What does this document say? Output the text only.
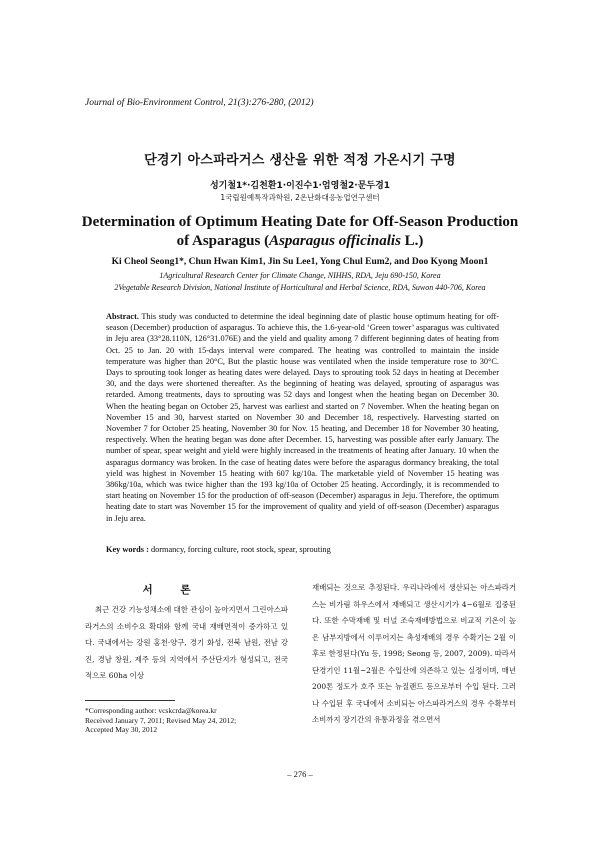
Journal of Bio-Environment Control, 21(3):276-280, (2012)
단경기 아스파라거스 생산을 위한 적정 가온시기 구명
성기철1*·김천환1·이진수1·엄영철2·문두경1
1국립원예특작과학원, 2온난화대응농업연구센터
Determination of Optimum Heating Date for Off-Season Production
of Asparagus (Asparagus officinalis L.)
Ki Cheol Seong1*, Chun Hwan Kim1, Jin Su Lee1, Yong Chul Eum2, and Doo Kyong Moon1
1Agricultural Research Center for Climate Change, NIHHS, RDA, Jeju 690-150, Korea
2Vegetable Research Division, National Institute of Horticultural and Herbal Science, RDA, Suwon 440-706, Korea
Abstract. This study was conducted to determine the ideal beginning date of plastic house optimum heating for off-season (December) production of asparagus. To achieve this, the 1.6-year-old ‘Green tower’ asparagus was cultivated in Jeju area (33°28.110N, 126°31.076E) and the yield and quality among 7 different beginning dates of heating from Oct. 25 to Jan. 20 with 15-days interval were compared. The heating was controlled to maintain the inside temperature was higher than 20°C, But the plastic house was ventilated when the inside temperature rose to 30°C. Days to sprouting took longer as heating dates were delayed. Days to sprouting took 52 days in heating at December 30, and the days were shortened thereafter. As the beginning of heating was delayed, sprouting of asparagus was retarded. Among treatments, days to sprouting was 52 days and longest when the heating began on December 30. When the heating began on October 25, harvest was earliest and started on 7 November. When the heating began on November 15 and 30, harvest started on November 30 and December 18, respectively. Harvesting started on November 7 for October 25 heating, November 30 for Nov. 15 heating, and December 18 for November 30 heating, respectively. When the heating began was done after December. 15, harvesting was possible after early January. The number of spear, spear weight and yield were highly increased in the treatments of heating after January. 10 when the asparagus dormancy was broken. In the case of heating dates were before the asparagus dormancy breaking, the total yield was highest in November 15 heating with 607 kg/10a. The marketable yield of November 15 heating was 386kg/10a, which was twice higher than the 193 kg/10a of October 25 heating. Accordingly, it is recommended to start heating on November 15 for the production of off-season (December) asparagus in Jeju. Therefore, the optimum heating date to start was November 15 for the improvement of quality and yield of off-season (December) asparagus in Jeju area.
Key words : dormancy, forcing culture, root stock, spear, sprouting
서 론
최근 건강 기능성채소에 대한 관심이 높아지면서 그린아스파라거스의 소비수요 확대와 함께 국내 재배면적이 증가하고 있다. 국내에서는 강원 홍천·양구, 경기 화성, 전북 남원, 전남 강진, 경남 창원, 제주 등의 지역에서 주산단지가 형성되고, 전국적으로 60ha 이상
재배되는 것으로 추정된다. 우리나라에서 생산되는 아스파라거스는 비가림 하우스에서 재배되고 생산시기가 4~6월로 집중된다. 또한 수막재배 및 터널 조숙재배방법으로 비교적 기온이 높은 남부지방에서 이루어지는 촉성재배의 경우 수확기는 2월 이후로 한정된다(Yu 등, 1998; Seong 등, 2007, 2009). 따라서 단경기인 11월~2월은 수입산에 의존하고 있는 실정이며, 매년 200톤 정도가 호주 또는 뉴질랜드 등으로부터 수입 된다. 그러나 수입된 후 국내에서 소비되는 아스파라거스의 경우 수확부터 소비까지 장기간의 유통과정을 겪으면서
*Corresponding author: vcskcrda@korea.kr
Received January 7, 2011; Revised May 24, 2012;
Accepted May 30, 2012
– 276 –
